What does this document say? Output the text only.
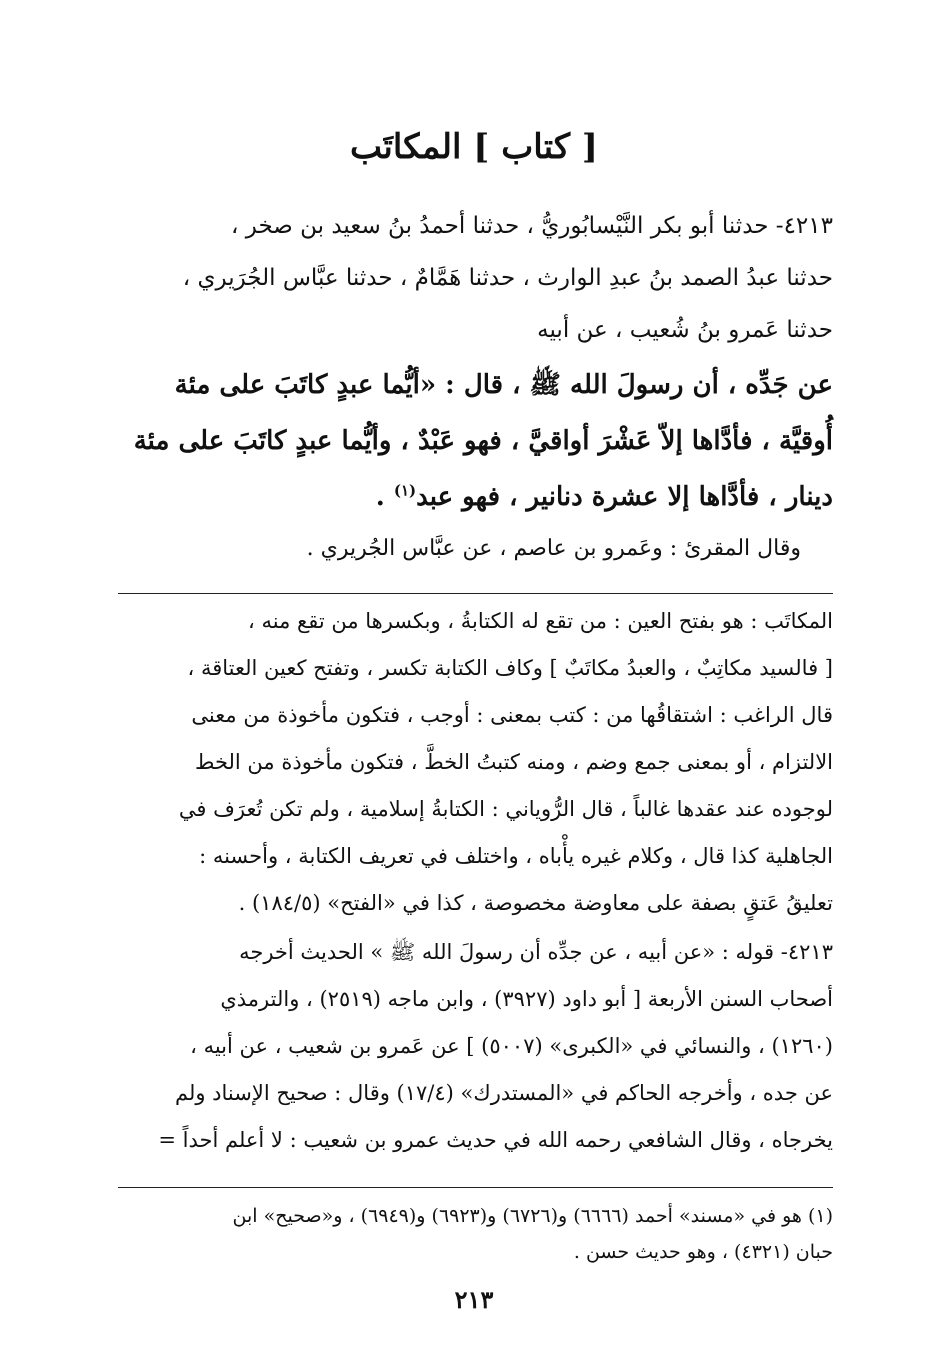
[ كتاب ] المكاتَب

٤٢١٣- حدثنا أبو بكر النَّيْسابُوريُّ ، حدثنا أحمدُ بنُ سعيد بن صخر ،

حدثنا عبدُ الصمد بنُ عبدِ الوارث ، حدثنا هَمَّامٌ ، حدثنا عبَّاس الجُرَيري ،

حدثنا عَمرو بنُ شُعيب ، عن أبيه

عن جَدِّه ، أن رسولَ الله ﷺ ، قال : «أيُّما عبدٍ كاتَبَ على مئة

أُوقيَّة ، فأدَّاها إلاّ عَشْرَ أواقيَّ ، فهو عَبْدٌ ، وأيُّما عبدٍ كاتَبَ على مئة

دينار ، فأدَّاها إلا عشرة دنانير ، فهو عبد$^{(١)}$ .

وقال المقرئ : وعَمرو بن عاصم ، عن عبَّاس الجُريري .

المكاتَب : هو بفتح العين : من تقع له الكتابةُ ، وبكسرها من تقع منه ،

[ فالسيد مكاتِبٌ ، والعبدُ مكاتَبٌ ] وكاف الكتابة تكسر ، وتفتح كعين العتاقة ،

قال الراغب : اشتقاقُها من : كتب بمعنى : أوجب ، فتكون مأخوذة من معنى

الالتزام ، أو بمعنى جمع وضم ، ومنه كتبتُ الخطَّ ، فتكون مأخوذة من الخط

لوجوده عند عقدها غالباً ، قال الرُّوياني : الكتابةُ إسلامية ، ولم تكن تُعرَف في

الجاهلية كذا قال ، وكلام غيره يأْباه ، واختلف في تعريف الكتابة ، وأحسنه :

تعليقُ عَتقٍ بصفة على معاوضة مخصوصة ، كذا في «الفتح» (١٨٤/٥) .

٤٢١٣- قوله : «عن أبيه ، عن جدِّه أن رسولَ الله ﷺ » الحديث أخرجه

أصحاب السنن الأربعة [ أبو داود (٣٩٢٧) ، وابن ماجه (٢٥١٩) ، والترمذي

(١٢٦٠) ، والنسائي في «الكبرى» (٥٠٠٧) ] عن عَمرو بن شعيب ، عن أبيه ،

عن جده ، وأخرجه الحاكم في «المستدرك» (١٧/٤) وقال : صحيح الإسناد ولم

يخرجاه ، وقال الشافعي رحمه الله في حديث عمرو بن شعيب : لا أعلم أحداً =

(١) هو في «مسند» أحمد (٦٦٦٦) و(٦٧٢٦) و(٦٩٢٣) و(٦٩٤٩) ، و«صحيح» ابن

حبان (٤٣٢١) ، وهو حديث حسن .

٢١٣
